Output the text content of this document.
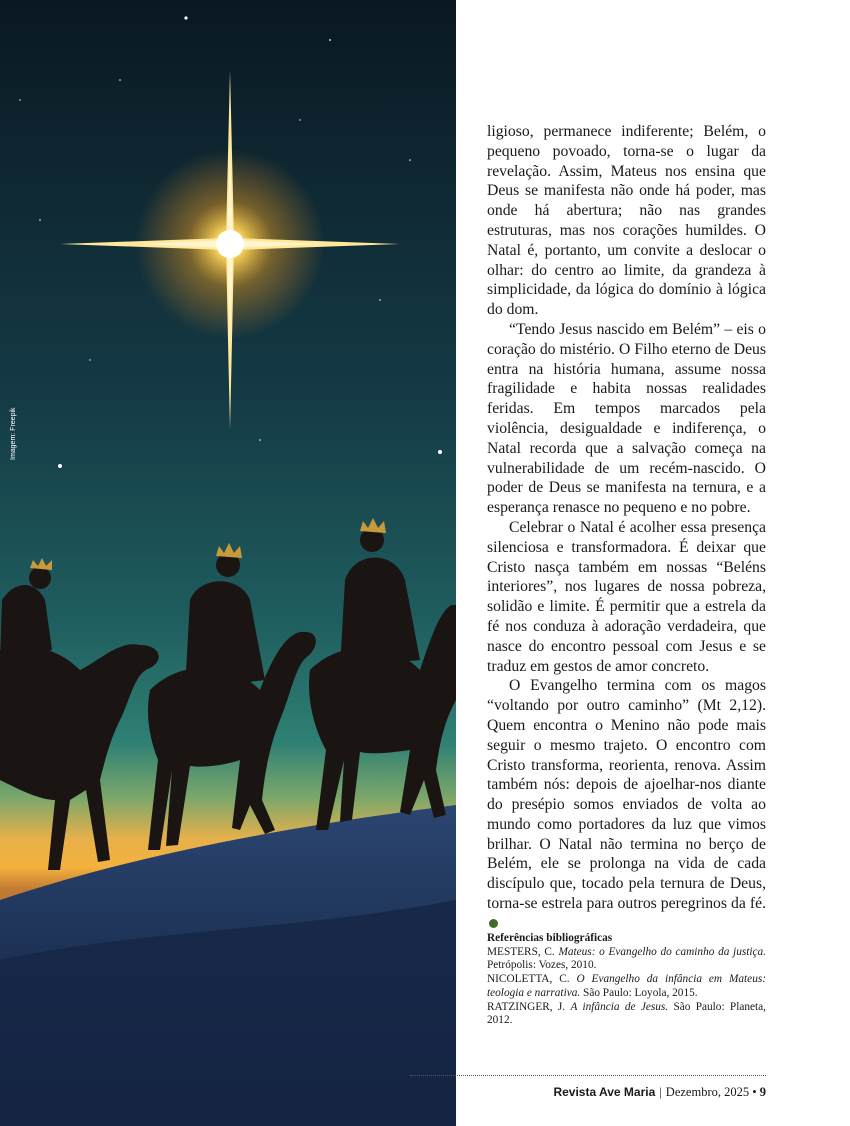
Imagem: Freepik

ligioso, permanece indiferente; Belém, o pequeno povoado, torna-se o lugar da revelação. Assim, Mateus nos ensina que Deus se manifesta não onde há poder, mas onde há abertura; não nas grandes estruturas, mas nos corações humildes. O Natal é, portanto, um convite a deslocar o olhar: do centro ao limite, da grandeza à simplicidade, da lógica do domínio à lógica do dom.

“Tendo Jesus nascido em Belém” – eis o coração do mistério. O Filho eterno de Deus entra na história humana, assume nossa fragilidade e habita nossas realidades feridas. Em tempos marcados pela violência, desigualdade e indiferença, o Natal recorda que a salvação começa na vulnerabilidade de um recém-nascido. O poder de Deus se manifesta na ternura, e a esperança renasce no pequeno e no pobre.

Celebrar o Natal é acolher essa presença silenciosa e transformadora. É deixar que Cristo nasça também em nossas “Beléns interiores”, nos lugares de nossa pobreza, solidão e limite. É permitir que a estrela da fé nos conduza à adoração verdadeira, que nasce do encontro pessoal com Jesus e se traduz em gestos de amor concreto.

O Evangelho termina com os magos “voltando por outro caminho” (Mt 2,12). Quem encontra o Menino não pode mais seguir o mesmo trajeto. O encontro com Cristo transforma, reorienta, renova. Assim também nós: depois de ajoelhar-nos diante do presépio somos enviados de volta ao mundo como portadores da luz que vimos brilhar. O Natal não termina no berço de Belém, ele se prolonga na vida de cada discípulo que, tocado pela ternura de Deus, torna-se estrela para outros peregrinos da fé.

Referências bibliográficas

MESTERS, C. Mateus: o Evangelho do caminho da justiça. Petrópolis: Vozes, 2010.

NICOLETTA, C. O Evangelho da infância em Mateus: teologia e narrativa. São Paulo: Loyola, 2015.

RATZINGER, J. A infância de Jesus. São Paulo: Planeta, 2012.

Revista Ave Maria | Dezembro, 2025 • 9
